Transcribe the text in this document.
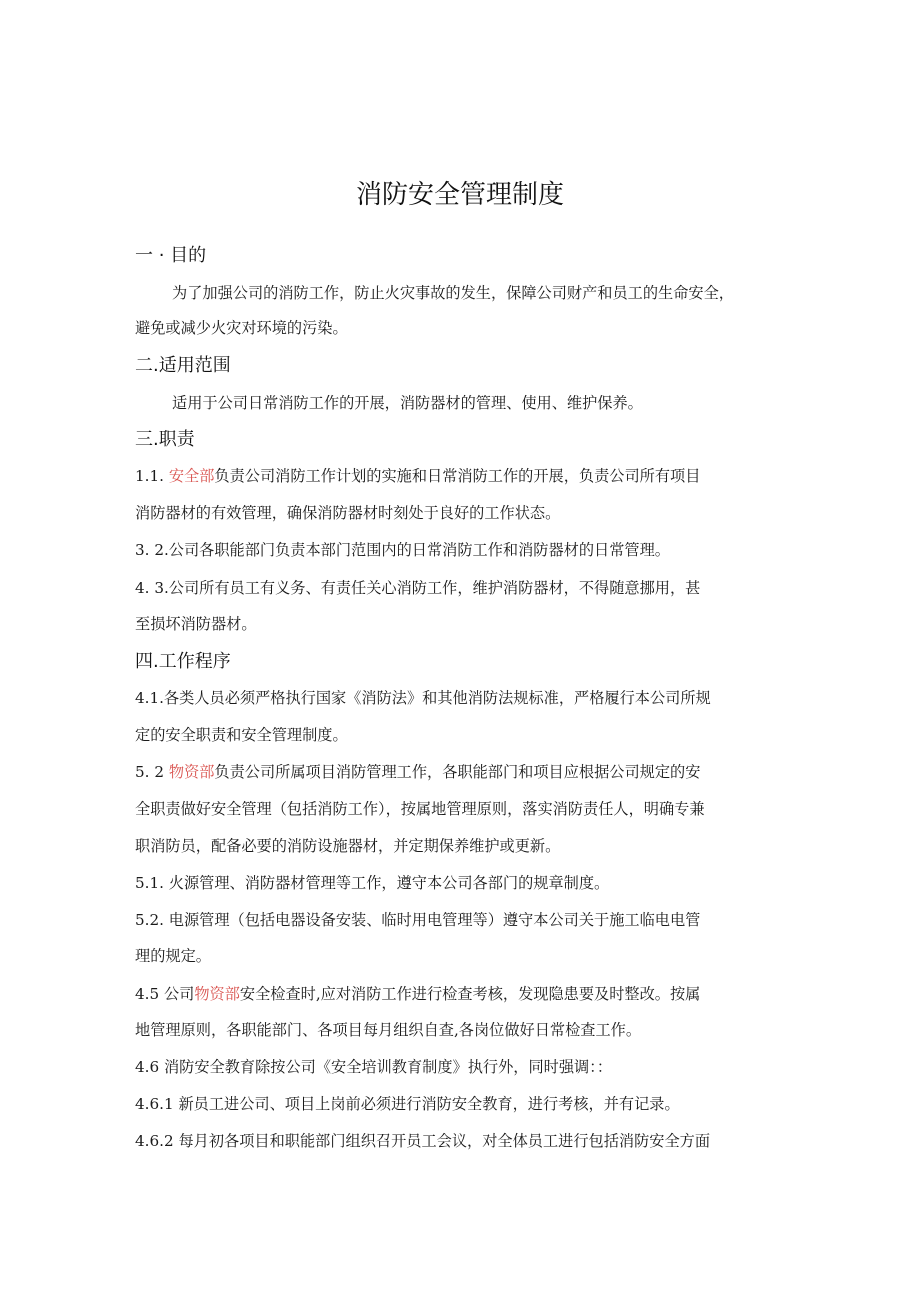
消防安全管理制度
一 · 目的
为了加强公司的消防工作，防止火灾事故的发生，保障公司财产和员工的生命安全，
避免或减少火灾对环境的污染。
二.适用范围
适用于公司日常消防工作的开展，消防器材的管理、使用、维护保养。
三.职责
1.1. 安全部负责公司消防工作计划的实施和日常消防工作的开展，负责公司所有项目
消防器材的有效管理，确保消防器材时刻处于良好的工作状态。
3. 2.公司各职能部门负责本部门范围内的日常消防工作和消防器材的日常管理。
4. 3.公司所有员工有义务、有责任关心消防工作，维护消防器材，不得随意挪用，甚
至损坏消防器材。
四.工作程序
4.1.各类人员必须严格执行国家《消防法》和其他消防法规标准，严格履行本公司所规
定的安全职责和安全管理制度。
5. 2 物资部负责公司所属项目消防管理工作，各职能部门和项目应根据公司规定的安
全职责做好安全管理（包括消防工作），按属地管理原则，落实消防责任人，明确专兼
职消防员，配备必要的消防设施器材，并定期保养维护或更新。
5.1. 火源管理、消防器材管理等工作，遵守本公司各部门的规章制度。
5.2. 电源管理（包括电器设备安装、临时用电管理等）遵守本公司关于施工临电电管
理的规定。
4.5 公司物资部安全检查时,应对消防工作进行检查考核，发现隐患要及时整改。按属
地管理原则，各职能部门、各项目每月组织自查,各岗位做好日常检查工作。
4.6 消防安全教育除按公司《安全培训教育制度》执行外，同时强调：：
4.6.1 新员工进公司、项目上岗前必须进行消防安全教育，进行考核，并有记录。
4.6.2 每月初各项目和职能部门组织召开员工会议，对全体员工进行包括消防安全方面
